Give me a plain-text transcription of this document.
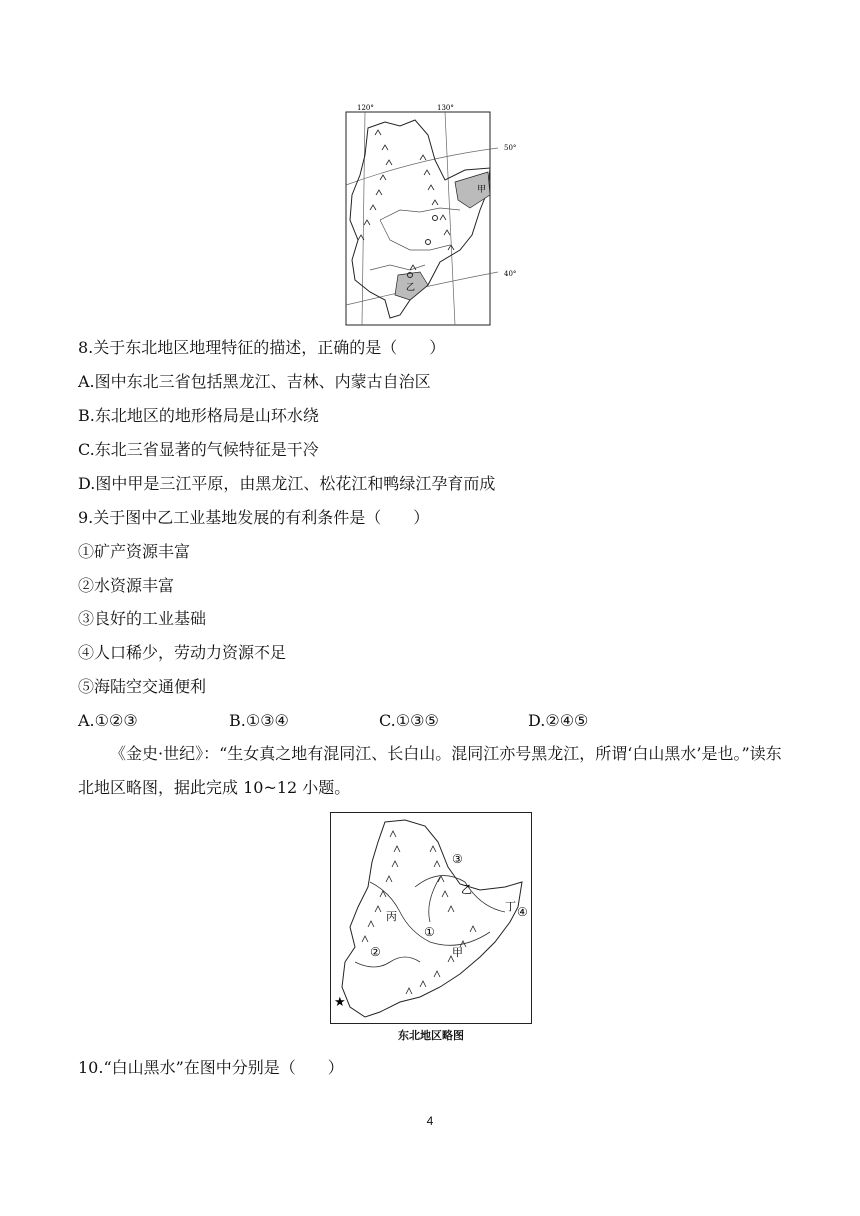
120°	130°
50°
40°
甲
乙
8.关于东北地区地理特征的描述，正确的是（　　）
A.图中东北三省包括黑龙江、吉林、内蒙古自治区
B.东北地区的地形格局是山环水绕
C.东北三省显著的气候特征是干冷
D.图中甲是三江平原，由黑龙江、松花江和鸭绿江孕育而成
9.关于图中乙工业基地发展的有利条件是（　　）
①矿产资源丰富
②水资源丰富
③良好的工业基础
④人口稀少，劳动力资源不足
⑤海陆空交通便利
A.①②③	B.①③④	C.①③⑤	D.②④⑤
《金史·世纪》：“生女真之地有混同江、长白山。混同江亦号黑龙江，所谓‘白山黑水’是也。”读东北地区略图，据此完成 10~12 小题。
①
②
③
④
甲
乙
丙
丁
★
东北地区略图
10.“白山黑水”在图中分别是（　　）
4
